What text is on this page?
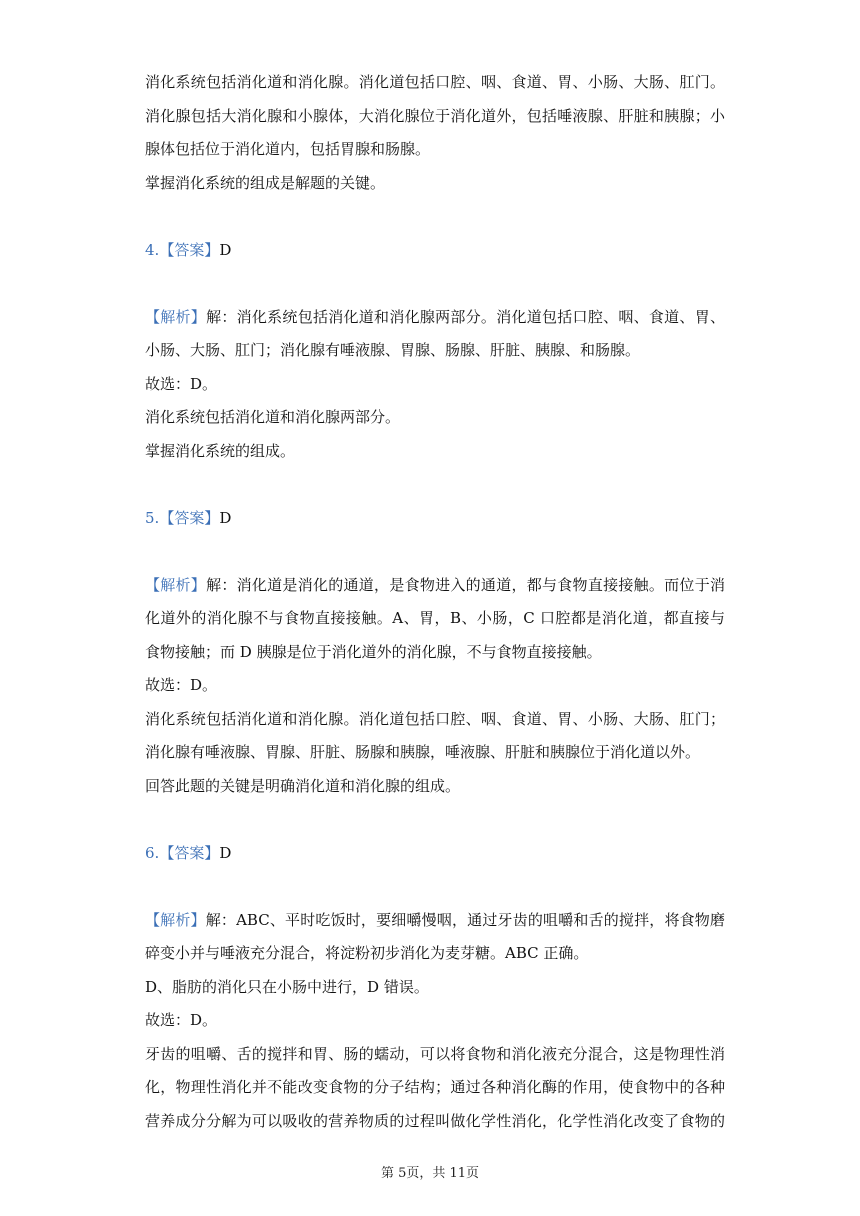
消化系统包括消化道和消化腺。消化道包括口腔、咽、食道、胃、小肠、大肠、肛门。
消化腺包括大消化腺和小腺体，大消化腺位于消化道外，包括唾液腺、肝脏和胰腺；小
腺体包括位于消化道内，包括胃腺和肠腺。
掌握消化系统的组成是解题的关键。
4.【答案】D
【解析】解：消化系统包括消化道和消化腺两部分。消化道包括口腔、咽、食道、胃、
小肠、大肠、肛门；消化腺有唾液腺、胃腺、肠腺、肝脏、胰腺、和肠腺。
故选：D。
消化系统包括消化道和消化腺两部分。
掌握消化系统的组成。
5.【答案】D
【解析】解：消化道是消化的通道，是食物进入的通道，都与食物直接接触。而位于消
化道外的消化腺不与食物直接接触。A、胃，B、小肠，C 口腔都是消化道，都直接与
食物接触；而 D 胰腺是位于消化道外的消化腺，不与食物直接接触。
故选：D。
消化系统包括消化道和消化腺。消化道包括口腔、咽、食道、胃、小肠、大肠、肛门；
消化腺有唾液腺、胃腺、肝脏、肠腺和胰腺，唾液腺、肝脏和胰腺位于消化道以外。
回答此题的关键是明确消化道和消化腺的组成。
6.【答案】D
【解析】解：ABC、平时吃饭时，要细嚼慢咽，通过牙齿的咀嚼和舌的搅拌，将食物磨
碎变小并与唾液充分混合，将淀粉初步消化为麦芽糖。ABC 正确。
D、脂肪的消化只在小肠中进行，D 错误。
故选：D。
牙齿的咀嚼、舌的搅拌和胃、肠的蠕动，可以将食物和消化液充分混合，这是物理性消
化，物理性消化并不能改变食物的分子结构；通过各种消化酶的作用，使食物中的各种
营养成分分解为可以吸收的营养物质的过程叫做化学性消化，化学性消化改变了食物的
第 5页，共 11页
